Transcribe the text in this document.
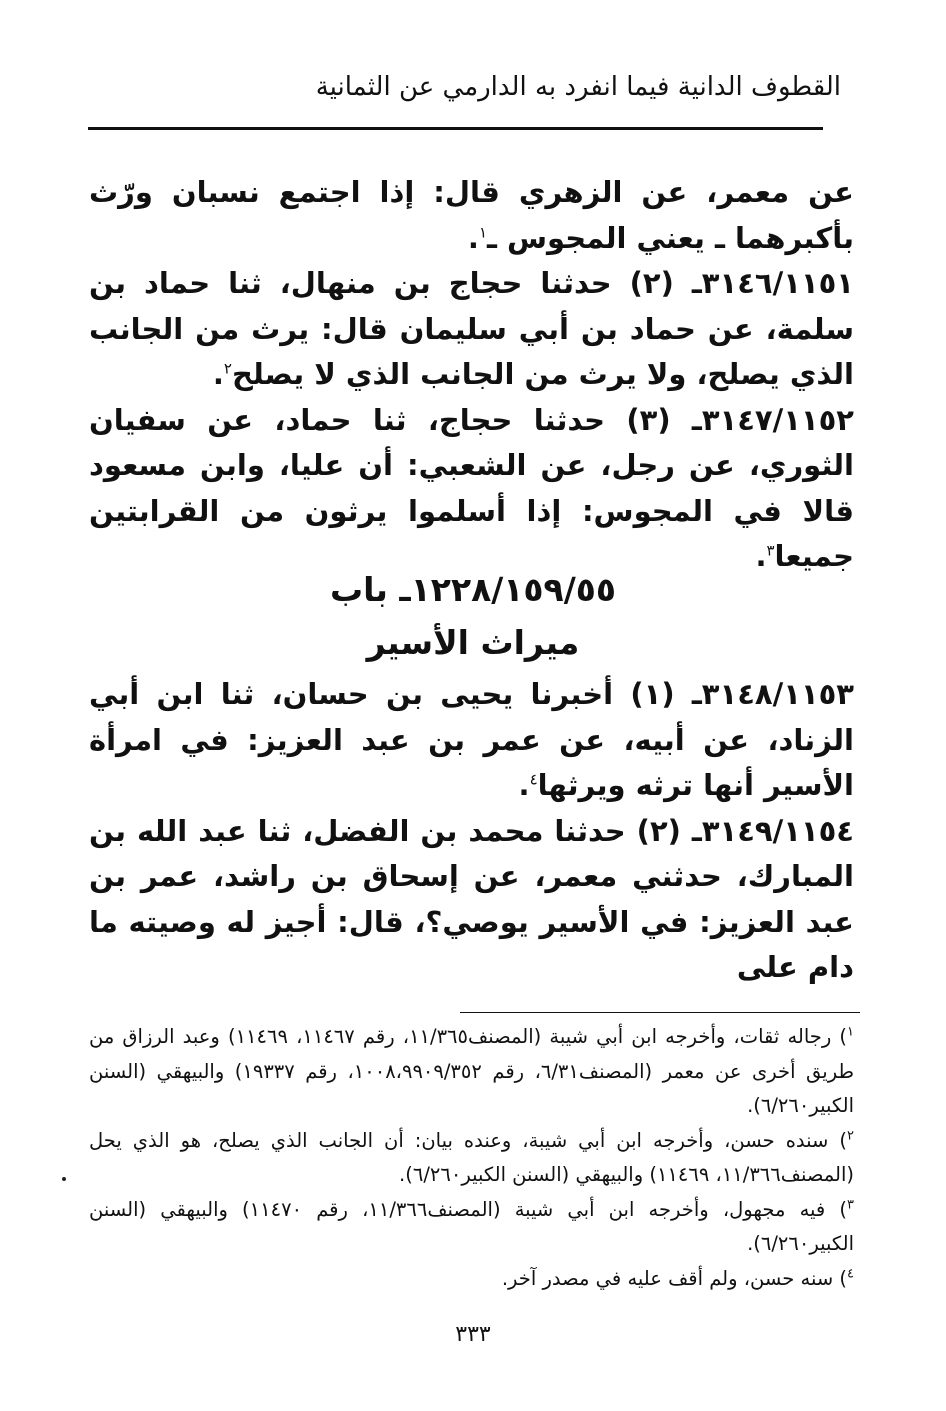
القطوف الدانية فيما انفرد به الدارمي عن الثمانية

عن معمر، عن الزهري قال: إذا اجتمع نسبان ورّث بأكبرهما ـ يعني المجوس ـ$^١$.

٣١٤٦/١١٥١ـ (٢) حدثنا حجاج بن منهال، ثنا حماد بن سلمة، عن حماد بن أبي سليمان قال: يرث من الجانب الذي يصلح، ولا يرث من الجانب الذي لا يصلح$^٢$.

٣١٤٧/١١٥٢ـ (٣) حدثنا حجاج، ثنا حماد، عن سفيان الثوري، عن رجل، عن الشعبي: أن عليا، وابن مسعود قالا في المجوس: إذا أسلموا يرثون من القرابتين جميعا$^٣$.

١٢٢٨/١٥٩/٥٥ـ باب
ميراث الأسير

٣١٤٨/١١٥٣ـ (١) أخبرنا يحيى بن حسان، ثنا ابن أبي الزناد، عن أبيه، عن عمر بن عبد العزيز: في امرأة الأسير أنها ترثه ويرثها$^٤$.

٣١٤٩/١١٥٤ـ (٢) حدثنا محمد بن الفضل، ثنا عبد الله بن المبارك، حدثني معمر، عن إسحاق بن راشد، عمر بن عبد العزيز: في الأسير يوصي؟، قال: أجيز له وصيته ما دام على

$^١$) رجاله ثقات، وأخرجه ابن أبي شيبة (المصنف١١/٣٦٥، رقم ١١٤٦٧، ١١٤٦٩) وعبد الرزاق من طريق أخرى عن معمر (المصنف٦/٣١، رقم ١٠٠٨،٩٩٠٩/٣٥٢، رقم ١٩٣٣٧) والبيهقي (السنن الكبير٦/٢٦٠).

$^٢$) سنده حسن، وأخرجه ابن أبي شيبة، وعنده بيان: أن الجانب الذي يصلح، هو الذي يحل (المصنف١١/٣٦٦، ١١٤٦٩) والبيهقي (السنن الكبير٦/٢٦٠).

$^٣$) فيه مجهول، وأخرجه ابن أبي شيبة (المصنف١١/٣٦٦، رقم ١١٤٧٠) والبيهقي (السنن الكبير٦/٢٦٠).

$^٤$) سنه حسن، ولم أقف عليه في مصدر آخر.

٣٣٣
